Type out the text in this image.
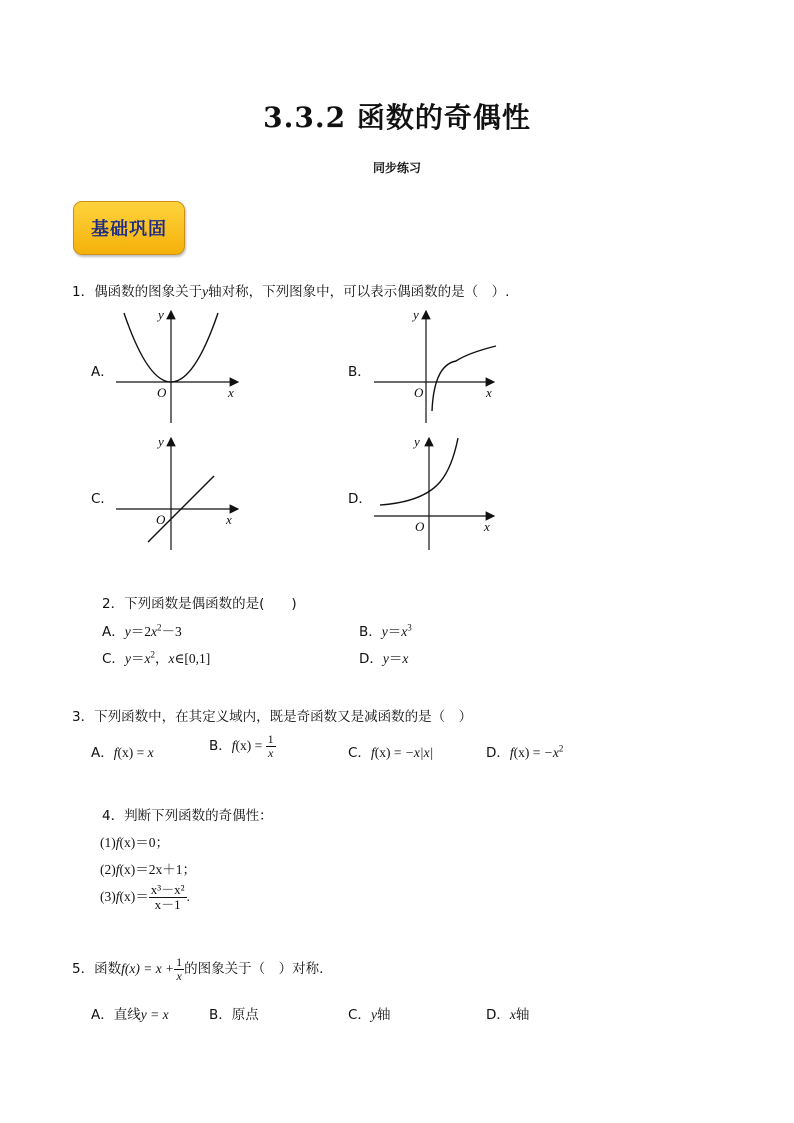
3.3.2 函数的奇偶性
同步练习
基础巩固
1．偶函数的图象关于y轴对称，下列图象中，可以表示偶函数的是（　）.
A．	B．
C．	D．
x
y
O	x
y
O
x
y
O	x
y
O
2．下列函数是偶函数的是(　　)
A．$y=2x^2-3$	B．$y=x^3$
C．$y=x^2$，x∈[0,1]	D．y＝x
3．下列函数中，在其定义域内，既是奇函数又是减函数的是（　）
A．f(x) = x	B．$f(x) = \frac{1}{x}$	C．f(x) = −x|x|	D．$f(x) = -x^2$
4．判断下列函数的奇偶性：
(1)f(x)＝0；
(2)f(x)＝2x＋1；
$(3)f(x)= \frac{\text{x³－x²}}{x-1}$ .
5．函数$f(x) = x + \frac{1}{x}$ 的图象关于（　）对称.
A．直线y = x	B．原点	C．y轴	D．x轴
